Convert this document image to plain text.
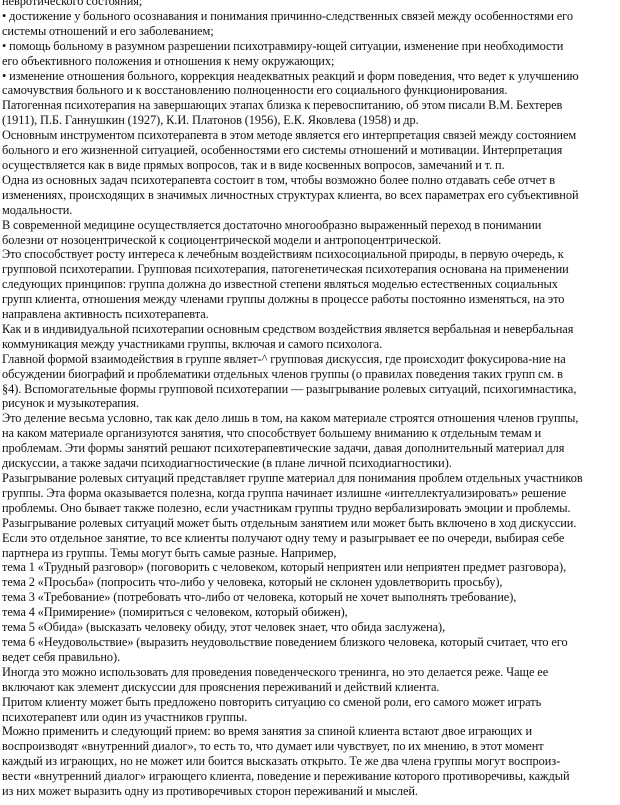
невротического состояния;

• достижение у больного осознавания и понимания причинно-следственных связей между особенностями его
системы отношений и его заболеванием;

• помощь больному в разумном разрешении психотравмиру-ющей ситуации, изменение при необходимости
его объективного положения и отношения к нему окружающих;

• изменение отношения больного, коррекция неадекватных реакций и форм поведения, что ведет к улучшению
самочувствия больного и к восстановлению полноценности его социального функционирования.

Патогенная психотерапия на завершающих этапах близка к перевоспитанию, об этом писали В.М. Бехтерев
(1911), П.Б. Ганнушкин (1927), К.И. Платонов (1956), Е.К. Яковлева (1958) и др.

Основным инструментом психотерапевта в этом методе является его интерпретация связей между состоянием
больного и его жизненной ситуацией, особенностями его системы отношений и мотивации. Интерпретация
осуществляется как в виде прямых вопросов, так и в виде косвенных вопросов, замечаний и т. п.

Одна из основных задач психотерапевта состоит в том, чтобы возможно более полно отдавать себе отчет в
изменениях, происходящих в значимых личностных структурах клиента, во всех параметрах его субъективной
модальности.

В современной медицине осуществляется достаточно многообразно выраженный переход в понимании
болезни от нозоцентрической к социоцентрической модели и антропоцентрической.

Это способствует росту интереса к лечебным воздействиям психосоциальной природы, в первую очередь, к
групповой психотерапии. Групповая психотерапия, патогенетическая психотерапия основана на применении
следующих принципов: группа должна до известной степени являться моделью естественных социальных
групп клиента, отношения между членами группы должны в процессе работы постоянно изменяться, на это
направлена активность психотерапевта.

Как и в индивидуальной психотерапии основным средством воздействия является вербальная и невербальная
коммуникация между участниками группы, включая и самого психолога.

Главной формой взаимодействия в группе являет-^ групповая дискуссия, где происходит фокусирова-ние на
обсуждении биографий и проблематики отдельных членов группы (о правилах поведения таких групп см. в
§4). Вспомогательные формы групповой психотерапии — разыгрывание ролевых ситуаций, психогимнастика,
рисунок и музыкотерапия.

Это деление весьма условно, так как дело лишь в том, на каком материале строятся отношения членов группы,
на каком материале организуются занятия, что способствует большему вниманию к отдельным темам и
проблемам. Эти формы занятий решают психотерапевтические задачи, давая дополнительный материал для
дискуссии, а также задачи психодиагностические (в плане личной психодиагностики).

Разыгрывание ролевых ситуаций представляет группе материал для понимания проблем отдельных участников
группы. Эта форма оказывается полезна, когда группа начинает излишне «интеллектуализировать» решение
проблемы. Оно бывает также полезно, если участникам группы трудно вербализировать эмоции и проблемы.
Разыгрывание ролевых ситуаций может быть отдельным занятием или может быть включено в ход дискуссии.
Если это отдельное занятие, то все клиенты получают одну тему и разыгрывает ее по очереди, выбирая себе
партнера из группы. Темы могут быть самые разные. Например,

тема 1 «Трудный разговор» (поговорить с человеком, который неприятен или неприятен предмет разговора),

тема 2 «Просьба» (попросить что-либо у человека, который не склонен удовлетворить просьбу),

тема 3 «Требование» (потребовать что-либо от человека, который не хочет выполнять требование),

тема 4 «Примирение» (помириться с человеком, который обижен),

тема 5 «Обида» (высказать человеку обиду, этот человек знает, что обида заслужена),

тема 6 «Неудовольствие» (выразить неудовольствие поведением близкого человека, который считает, что его
ведет себя правильно).

Иногда это можно использовать для проведения поведенческого тренинга, но это делается реже. Чаще ее
включают как элемент дискуссии для прояснения переживаний и действий клиента.

Притом клиенту может быть предложено повторить ситуацию со сменой роли, его самого может играть
психотерапевт или один из участников группы.

Можно применить и следующий прием: во время занятия за спиной клиента встают двое играющих и
воспроизводят «внутренний диалог», то есть то, что думает или чувствует, по их мнению, в этот момент
каждый из играющих, но не может или боится высказать открыто. Те же два члена группы могут воспроиз-
вести «внутренний диалог» играющего клиента, поведение и переживание которого противоречивы, каждый
из них может выразить одну из противоречивых сторон переживаний и мыслей.
